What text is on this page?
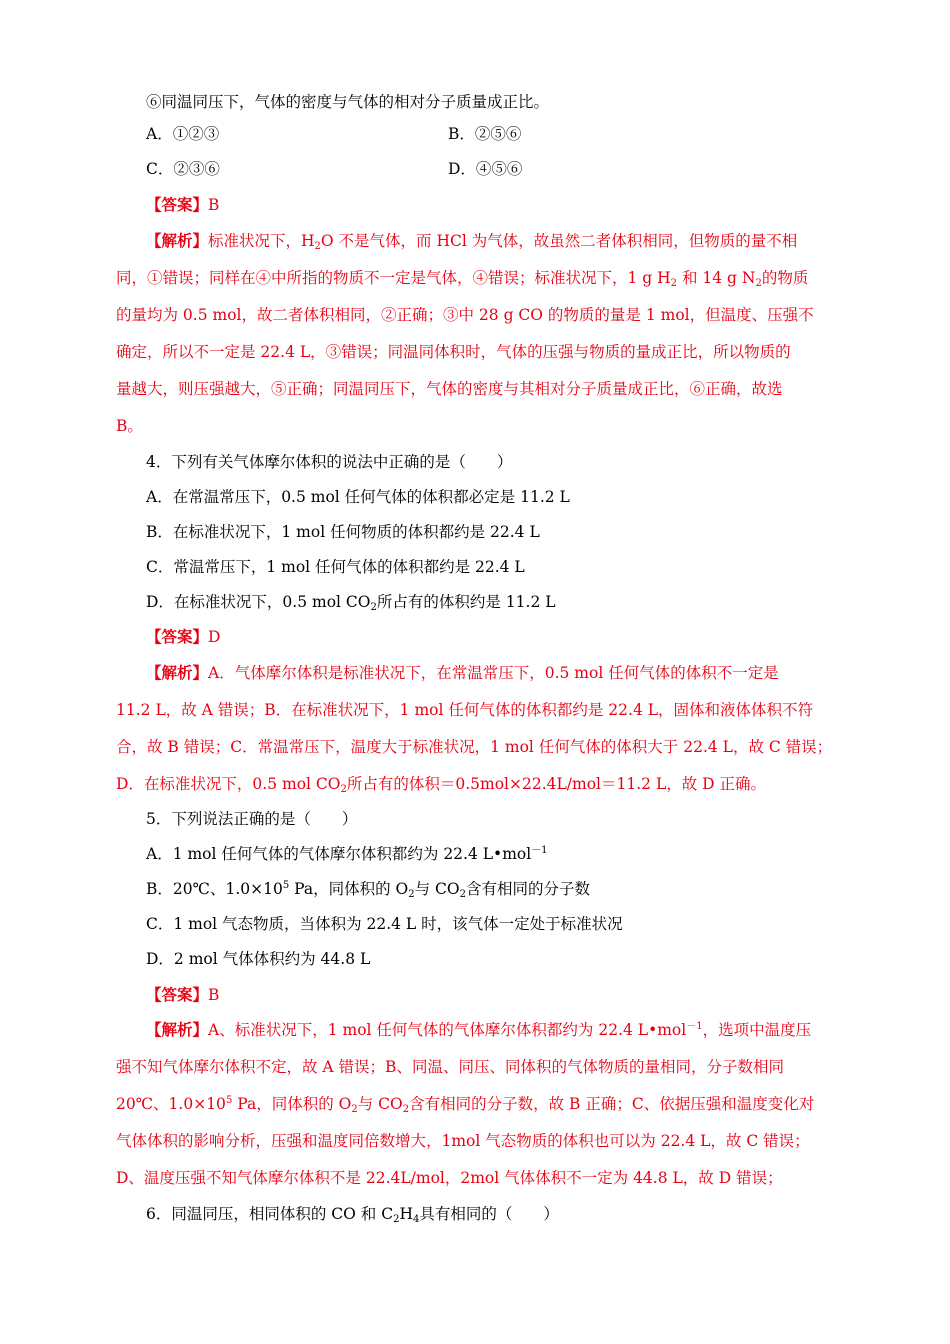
⑥同温同压下，气体的密度与气体的相对分子质量成正比。
A．①②③	B．②⑤⑥
C．②③⑥	D．④⑤⑥
【答案】B
【解析】标准状况下，$H_2O$ 不是气体，而 HCl 为气体，故虽然二者体积相同，但物质的量不相
同，①错误；同样在④中所指的物质不一定是气体，④错误；标准状况下，1 g $H_2$ 和 14 g $N_2$的物质
的量均为 0.5 mol，故二者体积相同，②正确；③中 28 g CO 的物质的量是 1 mol，但温度、压强不
确定，所以不一定是 22.4 L，③错误；同温同体积时，气体的压强与物质的量成正比，所以物质的
量越大，则压强越大，⑤正确；同温同压下，气体的密度与其相对分子质量成正比，⑥正确，故选
B。
4．下列有关气体摩尔体积的说法中正确的是（　　）
A．在常温常压下，0.5 mol 任何气体的体积都必定是 11.2 L
B．在标准状况下，1 mol 任何物质的体积都约是 22.4 L
C．常温常压下，1 mol 任何气体的体积都约是 22.4 L
D．在标准状况下，0.5 mol $CO_2$所占有的体积约是 11.2 L
【答案】D
【解析】A．气体摩尔体积是标准状况下，在常温常压下，0.5 mol 任何气体的体积不一定是
11.2 L，故 A 错误；B．在标准状况下，1 mol 任何气体的体积都约是 22.4 L，固体和液体体积不符
合，故 B 错误；C．常温常压下，温度大于标准状况，1 mol 任何气体的体积大于 22.4 L，故 C 错误；
D．在标准状况下，0.5 mol $CO_2$所占有的体积＝0.5mol×22.4L/mol＝11.2 L，故 D 正确。
5．下列说法正确的是（　　）
A．1 mol 任何气体的气体摩尔体积都约为 22.4 L•mol$^{-1}$
B．20℃、$1.0\times 10^5$ Pa，同体积的 $O_2$与 $CO_2$含有相同的分子数
C．1 mol 气态物质，当体积为 22.4 L 时，该气体一定处于标准状况
D．2 mol 气体体积约为 44.8 L
【答案】B
【解析】A、标准状况下，1 mol 任何气体的气体摩尔体积都约为 22.4 L•mol$^{-1}$，选项中温度压
强不知气体摩尔体积不定，故 A 错误；B、同温、同压、同体积的气体物质的量相同，分子数相同
20℃、$1.0\times 10^5$ Pa，同体积的 $O_2$与 $CO_2$含有相同的分子数，故 B 正确；C、依据压强和温度变化对
气体体积的影响分析，压强和温度同倍数增大，1mol 气态物质的体积也可以为 22.4 L，故 C 错误；
D、温度压强不知气体摩尔体积不是 22.4L/mol，2mol 气体体积不一定为 44.8 L，故 D 错误；
6．同温同压，相同体积的 CO 和 $C_2H_4$具有相同的（　　）
